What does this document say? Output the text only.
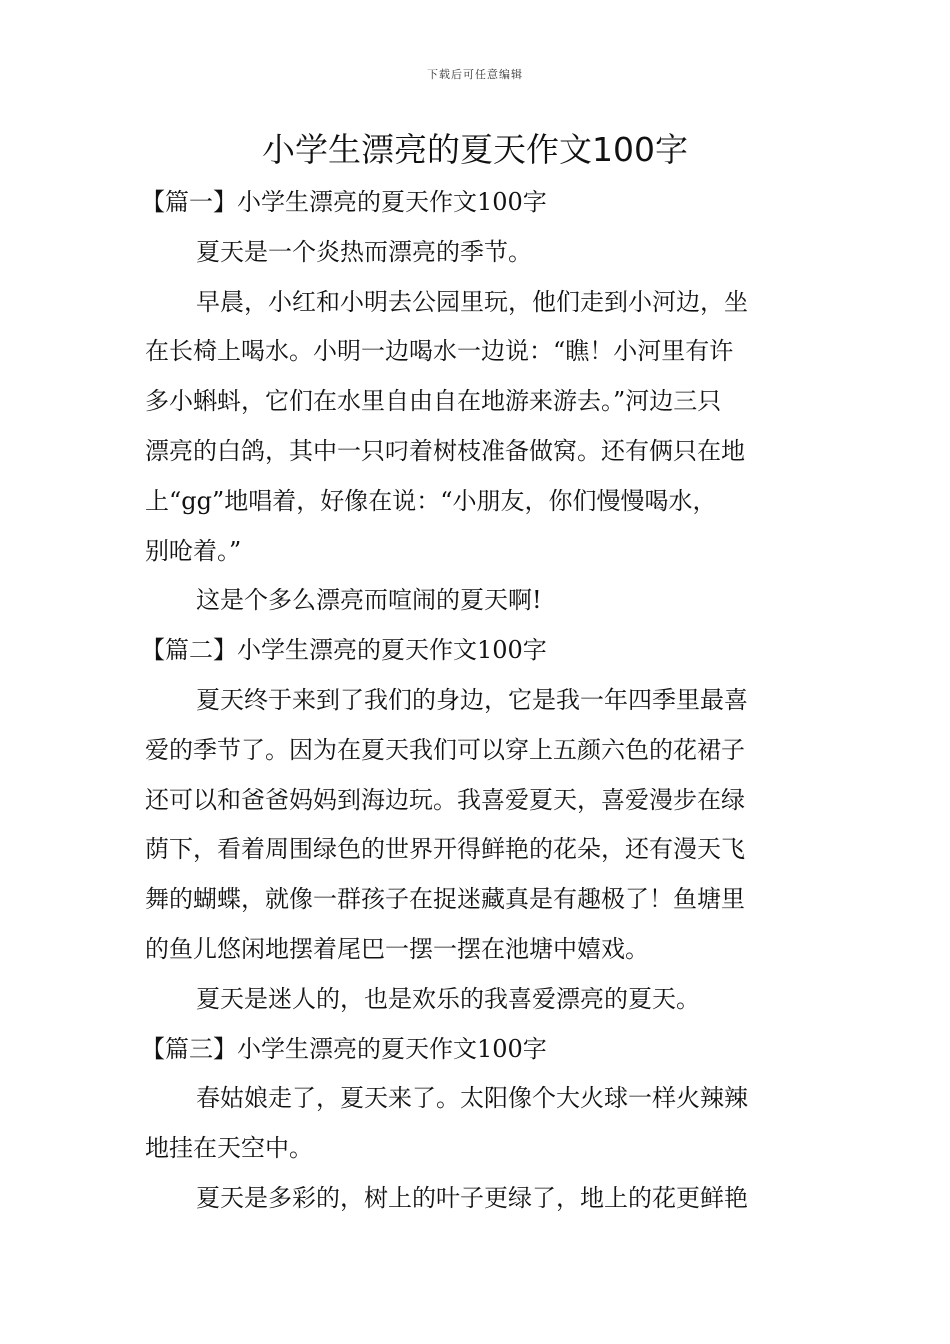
下载后可任意编辑
小学生漂亮的夏天作文100字

【篇一】小学生漂亮的夏天作文100字

夏天是一个炎热而漂亮的季节。

早晨，小红和小明去公园里玩，他们走到小河边，坐

在长椅上喝水。小明一边喝水一边说：“瞧！小河里有许

多小蝌蚪，它们在水里自由自在地游来游去。”河边三只

漂亮的白鸽，其中一只叼着树枝准备做窝。还有俩只在地

上“gg”地唱着，好像在说：“小朋友，你们慢慢喝水，

别呛着。”

这是个多么漂亮而喧闹的夏天啊!

【篇二】小学生漂亮的夏天作文100字

夏天终于来到了我们的身边，它是我一年四季里最喜

爱的季节了。因为在夏天我们可以穿上五颜六色的花裙子

还可以和爸爸妈妈到海边玩。我喜爱夏天，喜爱漫步在绿

荫下，看着周围绿色的世界开得鲜艳的花朵，还有漫天飞

舞的蝴蝶，就像一群孩子在捉迷藏真是有趣极了！鱼塘里

的鱼儿悠闲地摆着尾巴一摆一摆在池塘中嬉戏。

夏天是迷人的，也是欢乐的我喜爱漂亮的夏天。

【篇三】小学生漂亮的夏天作文100字

春姑娘走了，夏天来了。太阳像个大火球一样火辣辣

地挂在天空中。

夏天是多彩的，树上的叶子更绿了，地上的花更鲜艳
